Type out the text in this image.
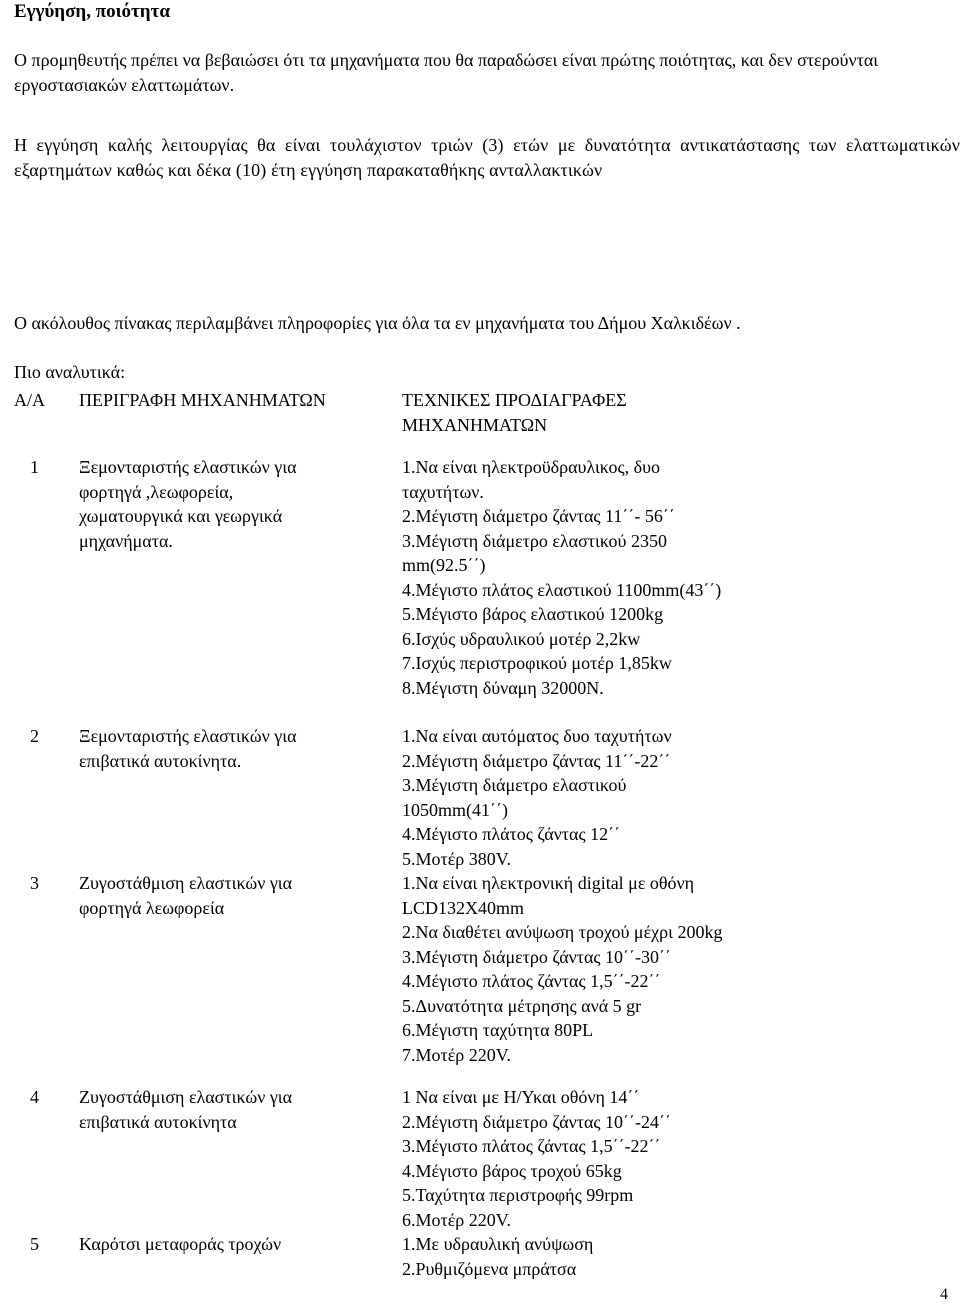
Εγγύηση, ποιότητα
Ο προμηθευτής πρέπει να βεβαιώσει ότι τα μηχανήματα που θα παραδώσει είναι πρώτης ποιότητας, και δεν στερούνται εργοστασιακών ελαττωμάτων.
Η εγγύηση καλής λειτουργίας θα είναι τουλάχιστον τριών (3) ετών με δυνατότητα αντικατάστασης των ελαττωματικών εξαρτημάτων καθώς και δέκα (10) έτη εγγύηση παρακαταθήκης ανταλλακτικών
Ο ακόλουθος πίνακας περιλαμβάνει πληροφορίες για όλα τα εν μηχανήματα του Δήμου Χαλκιδέων .
Πιο αναλυτικά:
Α/Α ΠΕΡΙΓΡΑΦΗ ΜΗΧΑΝΗΜΑΤΩΝ	ΤΕΧΝΙΚΕΣ ΠΡΟΔΙΑΓΡΑΦΕΣ
ΜΗΧΑΝΗΜΑΤΩΝ
1 Ξεμονταριστής ελαστικών για
φορτηγά ,λεωφορεία,
χωματουργικά και γεωργικά
μηχανήματα.
1.Να είναι ηλεκτροϋδραυλικος, δυο
ταχυτήτων.
2.Μέγιστη διάμετρο ζάντας 11΄΄- 56΄΄
3.Μέγιστη διάμετρο ελαστικού 2350
mm(92.5΄΄)
4.Μέγιστο πλάτος ελαστικού 1100mm(43΄΄)
5.Μέγιστο βάρος ελαστικού 1200kg
6.Ισχύς υδραυλικού μοτέρ 2,2kw
7.Ισχύς περιστροφικού μοτέρ 1,85kw
8.Μέγιστη δύναμη 32000Ν.
2 Ξεμονταριστής ελαστικών για
επιβατικά αυτοκίνητα.
1.Να είναι αυτόματος δυο ταχυτήτων
2.Μέγιστη διάμετρο ζάντας 11΄΄-22΄΄
3.Μέγιστη διάμετρο ελαστικού
1050mm(41΄΄)
4.Μέγιστο πλάτος ζάντας 12΄΄
5.Μοτέρ 380V.
3 Ζυγοστάθμιση ελαστικών για
φορτηγά λεωφορεία
1.Να είναι ηλεκτρονική digital με οθόνη
LCD132X40mm
2.Να διαθέτει ανύψωση τροχού μέχρι 200kg
3.Μέγιστη διάμετρο ζάντας 10΄΄-30΄΄
4.Μέγιστο πλάτος ζάντας 1,5΄΄-22΄΄
5.Δυνατότητα μέτρησης ανά 5 gr
6.Μέγιστη ταχύτητα 80PL
7.Μοτέρ 220V.
4 Ζυγοστάθμιση ελαστικών για
επιβατικά αυτοκίνητα
1 Να είναι με Η/Υκαι οθόνη 14΄΄
2.Μέγιστη διάμετρο ζάντας 10΄΄-24΄΄
3.Μέγιστο πλάτος ζάντας 1,5΄΄-22΄΄
4.Μέγιστο βάρος τροχού 65kg
5.Ταχύτητα περιστροφής 99rpm
6.Μοτέρ 220V.
5 Καρότσι μεταφοράς τροχών	1.Με υδραυλική ανύψωση
2.Ρυθμιζόμενα μπράτσα
4
